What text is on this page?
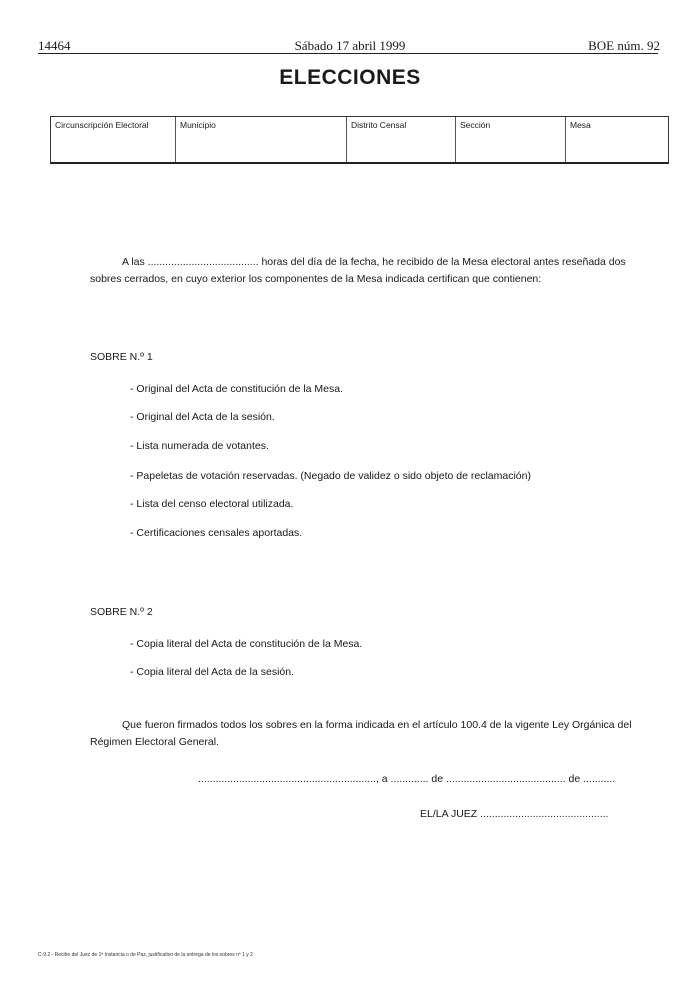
14464	Sábado 17 abril 1999	BOE núm. 92
ELECCIONES
Circunscripción Electoral	Municipio	Distrito Censal	Sección	Mesa
A las ...................................... horas del día de la fecha, he recibido de la Mesa electoral antes reseñada dos sobres cerrados, en cuyo exterior los componentes de la Mesa indicada certifican que contienen:
SOBRE N.º 1
- Original del Acta de constitución de la Mesa.
- Original del Acta de la sesión.
- Lista numerada de votantes.
- Papeletas de votación reservadas. (Negado de validez o sido objeto de reclamación)
- Lista del censo electoral utilizada.
- Certificaciones censales aportadas.
SOBRE N.º 2
- Copia literal del Acta de constitución de la Mesa.
- Copia literal del Acta de la sesión.
Que fueron firmados todos los sobres en la forma indicada en el artículo 100.4 de la vigente Ley Orgánica del Régimen Electoral General.
............................................................., a ............. de ......................................... de ...........
EL/LA JUEZ ............................................
C-9.2 - Recibo del Juez de 1ª Instancia o de Paz, justificativo de la entrega de los sobres nº 1 y 2
